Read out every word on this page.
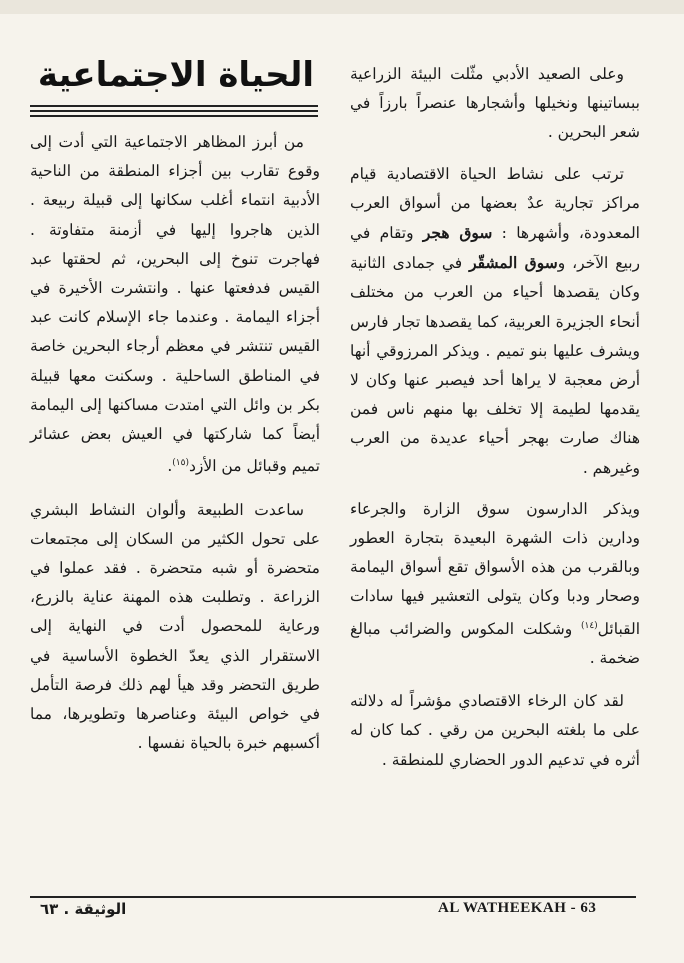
وعلى الصعيد الأدبي مثّلت البيئة الزراعية ببساتينها ونخيلها وأشجارها عنصراً بارزاً في شعر البحرين .

ترتب على نشاط الحياة الاقتصادية قيام مراكز تجارية عدٌ بعضها من أسواق العرب المعدودة، وأشهرها : سوق هجر وتقام في ربيع الآخر، وسوق المشقّر في جمادى الثانية وكان يقصدها أحياء من العرب من مختلف أنحاء الجزيرة العربية، كما يقصدها تجار فارس ويشرف عليها بنو تميم . ويذكر المرزوقي أنها أرض معجبة لا يراها أحد فيصبر عنها وكان لا يقدمها لطيمة إلا تخلف بها منهم ناس فمن هناك صارت بهجر أحياء عديدة من العرب وغيرهم .

ويذكر الدارسون سوق الزارة والجرعاء ودارين ذات الشهرة البعيدة بتجارة العطور وبالقرب من هذه الأسواق تقع أسواق اليمامة وصحار ودبا وكان يتولى التعشير فيها سادات القبائل$^{(١٤)}$ وشكلت المكوس والضرائب مبالغ ضخمة .

لقد كان الرخاء الاقتصادي مؤشراً له دلالته على ما بلغته البحرين من رقي . كما كان له أثره في تدعيم الدور الحضاري للمنطقة .

الحياة الاجتماعية

من أبرز المظاهر الاجتماعية التي أدت إلى وقوع تقارب بين أجزاء المنطقة من الناحية الأدبية انتماء أغلب سكانها إلى قبيلة ربيعة . الذين هاجروا إليها في أزمنة متفاوتة . فهاجرت تنوخ إلى البحرين، ثم لحقتها عبد القيس فدفعتها عنها . وانتشرت الأخيرة في أجزاء اليمامة . وعندما جاء الإسلام كانت عبد القيس تنتشر في معظم أرجاء البحرين خاصة في المناطق الساحلية . وسكنت معها قبيلة بكر بن وائل التي امتدت مساكنها إلى اليمامة أيضاً كما شاركتها في العيش بعض عشائر تميم وقبائل من الأزد$^{(١٥)}$.

ساعدت الطبيعة وألوان النشاط البشري على تحول الكثير من السكان إلى مجتمعات متحضرة أو شبه متحضرة . فقد عملوا في الزراعة . وتطلبت هذه المهنة عناية بالزرع، ورعاية للمحصول أدت في النهاية إلى الاستقرار الذي يعدّ الخطوة الأساسية في طريق التحضر وقد هيأ لهم ذلك فرصة التأمل في خواص البيئة وعناصرها وتطويرها، مما أكسبهم خبرة بالحياة نفسها .

الوثيقة . ٦٣	AL WATHEEKAH - 63
